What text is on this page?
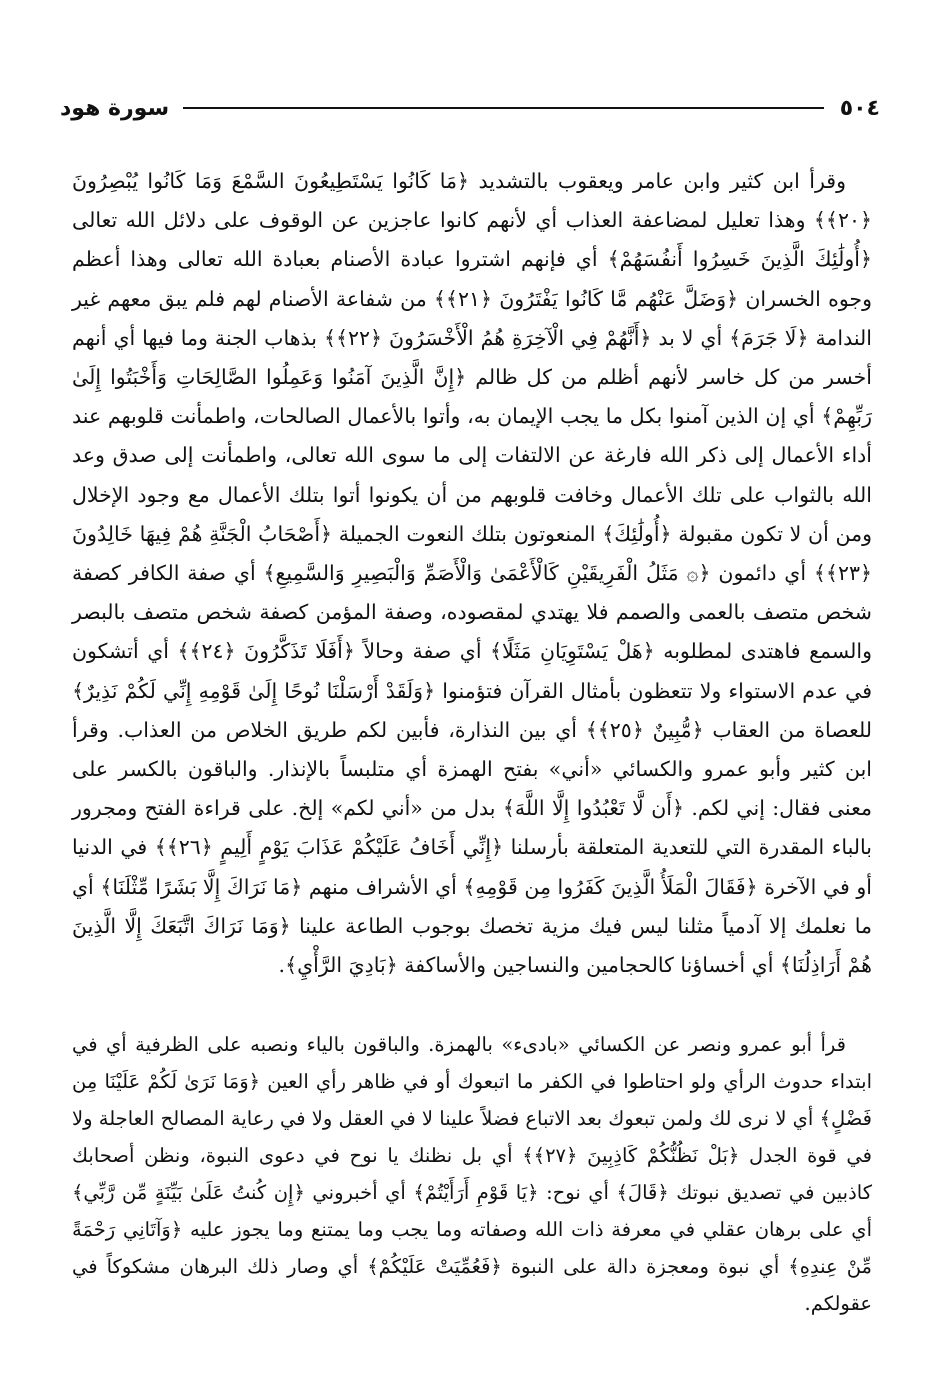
٥٠٤
سورة هود

وقرأ ابن كثير وابن عامر ويعقوب بالتشديد ﴿مَا كَانُوا يَسْتَطِيعُونَ السَّمْعَ وَمَا كَانُوا يُبْصِرُونَ ﴿٢٠﴾﴾ وهذا تعليل لمضاعفة العذاب أي لأنهم كانوا عاجزين عن الوقوف على دلائل الله تعالى ﴿أُولَٰئِكَ الَّذِينَ خَسِرُوا أَنفُسَهُمْ﴾ أي فإنهم اشتروا عبادة الأصنام بعبادة الله تعالى وهذا أعظم وجوه الخسران ﴿وَضَلَّ عَنْهُم مَّا كَانُوا يَفْتَرُونَ ﴿٢١﴾﴾ من شفاعة الأصنام لهم فلم يبق معهم غير الندامة ﴿لَا جَرَمَ﴾ أي لا بد ﴿أَنَّهُمْ فِي الْآخِرَةِ هُمُ الْأَخْسَرُونَ ﴿٢٢﴾﴾ بذهاب الجنة وما فيها أي أنهم أخسر من كل خاسر لأنهم أظلم من كل ظالم ﴿إِنَّ الَّذِينَ آمَنُوا وَعَمِلُوا الصَّالِحَاتِ وَأَخْبَتُوا إِلَىٰ رَبِّهِمْ﴾ أي إن الذين آمنوا بكل ما يجب الإيمان به، وأتوا بالأعمال الصالحات، واطمأنت قلوبهم عند أداء الأعمال إلى ذكر الله فارغة عن الالتفات إلى ما سوى الله تعالى، واطمأنت إلى صدق وعد الله بالثواب على تلك الأعمال وخافت قلوبهم من أن يكونوا أتوا بتلك الأعمال مع وجود الإخلال ومن أن لا تكون مقبولة ﴿أُولَٰئِكَ﴾ المنعوتون بتلك النعوت الجميلة ﴿أَصْحَابُ الْجَنَّةِ هُمْ فِيهَا خَالِدُونَ ﴿٢٣﴾﴾ أي دائمون ﴿۞ مَثَلُ الْفَرِيقَيْنِ كَالْأَعْمَىٰ وَالْأَصَمِّ وَالْبَصِيرِ وَالسَّمِيعِ﴾ أي صفة الكافر كصفة شخص متصف بالعمى والصمم فلا يهتدي لمقصوده، وصفة المؤمن كصفة شخص متصف بالبصر والسمع فاهتدى لمطلوبه ﴿هَلْ يَسْتَوِيَانِ مَثَلًا﴾ أي صفة وحالاً ﴿أَفَلَا تَذَكَّرُونَ ﴿٢٤﴾﴾ أي أتشكون في عدم الاستواء ولا تتعظون بأمثال القرآن فتؤمنوا ﴿وَلَقَدْ أَرْسَلْنَا نُوحًا إِلَىٰ قَوْمِهِ إِنِّي لَكُمْ نَذِيرٌ﴾ للعصاة من العقاب ﴿مُّبِينٌ ﴿٢٥﴾﴾ أي بين النذارة، فأبين لكم طريق الخلاص من العذاب. وقرأ ابن كثير وأبو عمرو والكسائي «أني» بفتح الهمزة أي متلبساً بالإنذار. والباقون بالكسر على معنى فقال: إني لكم. ﴿أَن لَّا تَعْبُدُوا إِلَّا اللَّهَ﴾ بدل من «أني لكم» إلخ. على قراءة الفتح ومجرور بالباء المقدرة التي للتعدية المتعلقة بأرسلنا ﴿إِنِّي أَخَافُ عَلَيْكُمْ عَذَابَ يَوْمٍ أَلِيمٍ ﴿٢٦﴾﴾ في الدنيا أو في الآخرة ﴿فَقَالَ الْمَلَأُ الَّذِينَ كَفَرُوا مِن قَوْمِهِ﴾ أي الأشراف منهم ﴿مَا نَرَاكَ إِلَّا بَشَرًا مِّثْلَنَا﴾ أي ما نعلمك إلا آدمياً مثلنا ليس فيك مزية تخصك بوجوب الطاعة علينا ﴿وَمَا نَرَاكَ اتَّبَعَكَ إِلَّا الَّذِينَ هُمْ أَرَاذِلُنَا﴾ أي أخساؤنا كالحجامين والنساجين والأساكفة ﴿بَادِيَ الرَّأْيِ﴾.

قرأ أبو عمرو ونصر عن الكسائي «بادىء» بالهمزة. والباقون بالياء ونصبه على الظرفية أي في ابتداء حدوث الرأي ولو احتاطوا في الكفر ما اتبعوك أو في ظاهر رأي العين ﴿وَمَا نَرَىٰ لَكُمْ عَلَيْنَا مِن فَضْلٍ﴾ أي لا نرى لك ولمن تبعوك بعد الاتباع فضلاً علينا لا في العقل ولا في رعاية المصالح العاجلة ولا في قوة الجدل ﴿بَلْ نَظُنُّكُمْ كَاذِبِينَ ﴿٢٧﴾﴾ أي بل نظنك يا نوح في دعوى النبوة، ونظن أصحابك كاذبين في تصديق نبوتك ﴿قَالَ﴾ أي نوح: ﴿يَا قَوْمِ أَرَأَيْتُمْ﴾ أي أخبروني ﴿إِن كُنتُ عَلَىٰ بَيِّنَةٍ مِّن رَّبِّي﴾ أي على برهان عقلي في معرفة ذات الله وصفاته وما يجب وما يمتنع وما يجوز عليه ﴿وَآتَانِي رَحْمَةً مِّنْ عِندِهِ﴾ أي نبوة ومعجزة دالة على النبوة ﴿فَعُمِّيَتْ عَلَيْكُمْ﴾ أي وصار ذلك البرهان مشكوكاً في عقولكم.
